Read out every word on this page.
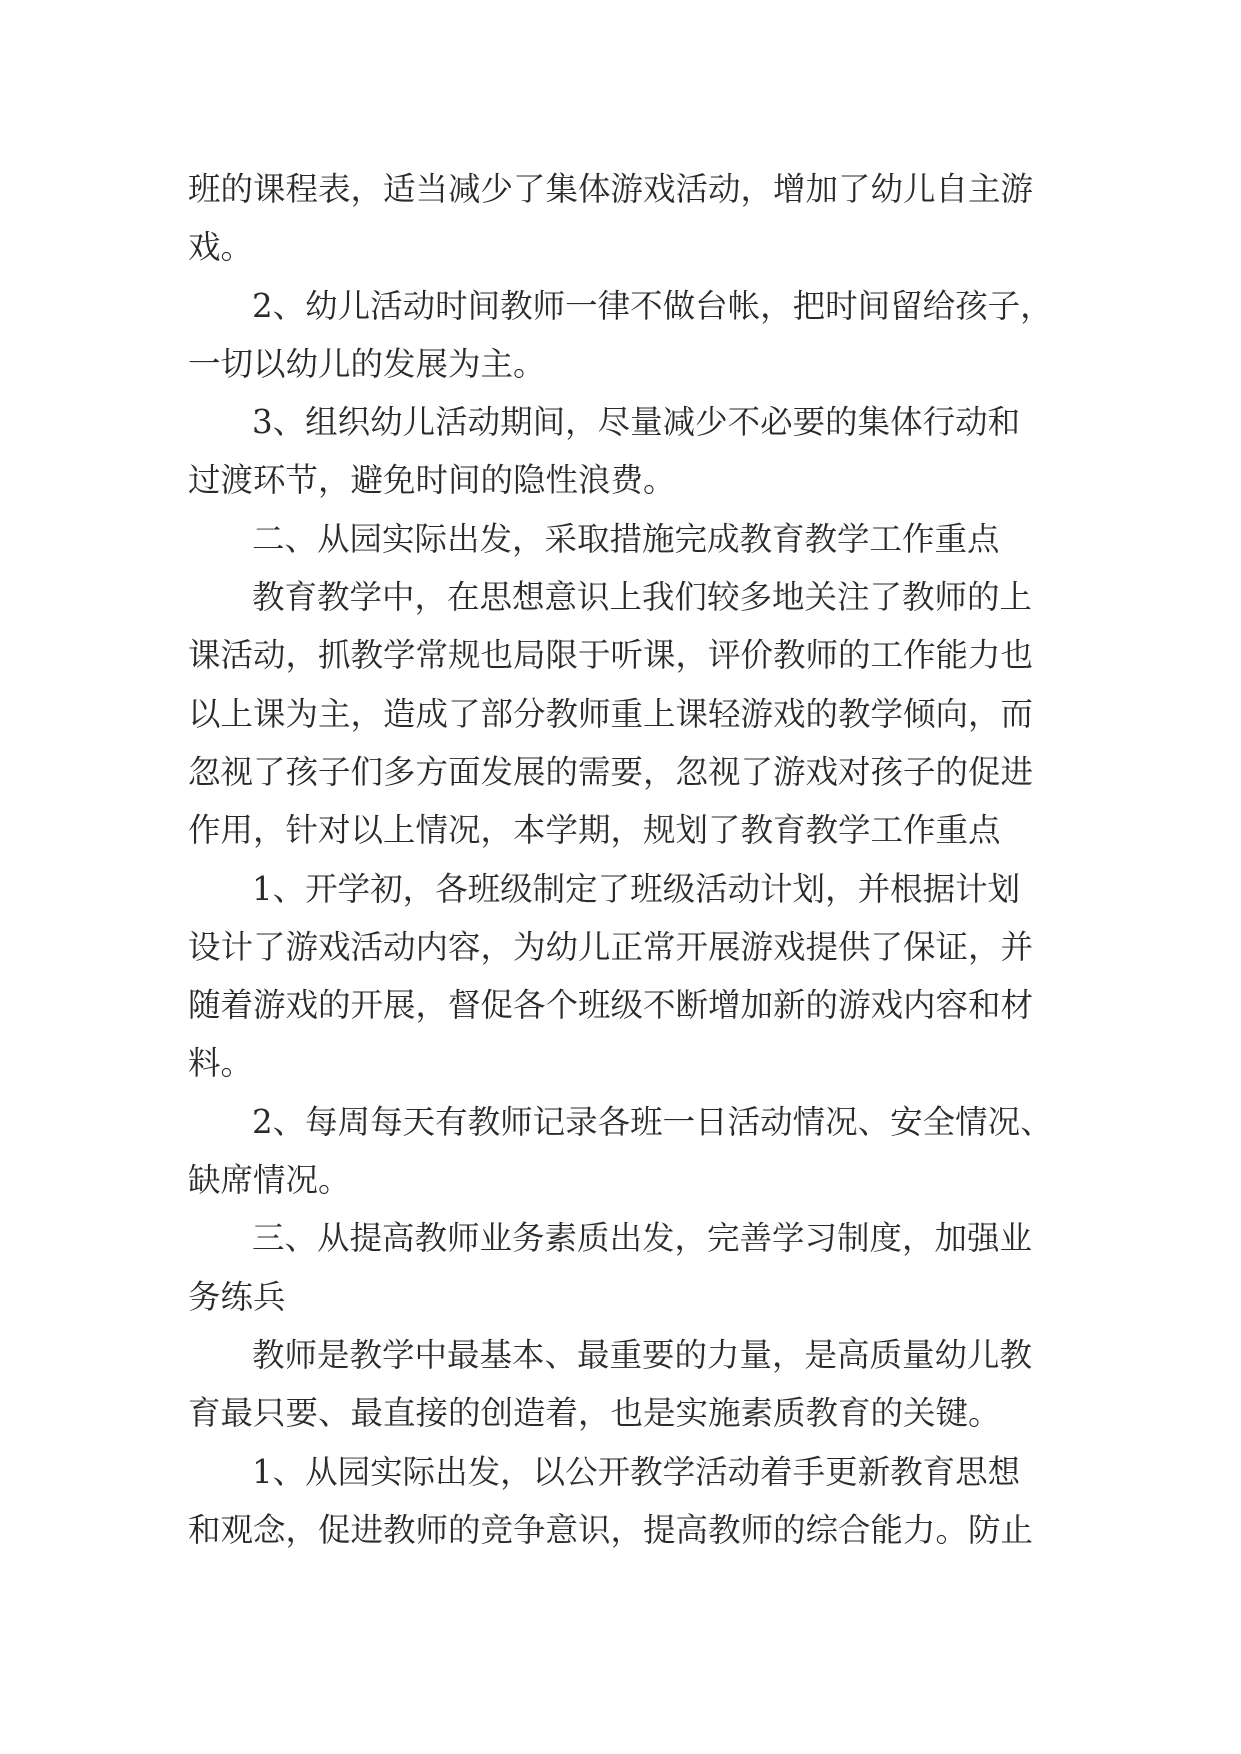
班的课程表，适当减少了集体游戏活动，增加了幼儿自主游
戏。
2、幼儿活动时间教师一律不做台帐，把时间留给孩子，
一切以幼儿的发展为主。
3、组织幼儿活动期间，尽量减少不必要的集体行动和
过渡环节，避免时间的隐性浪费。
二、从园实际出发，采取措施完成教育教学工作重点
教育教学中，在思想意识上我们较多地关注了教师的上
课活动，抓教学常规也局限于听课，评价教师的工作能力也
以上课为主，造成了部分教师重上课轻游戏的教学倾向，而
忽视了孩子们多方面发展的需要，忽视了游戏对孩子的促进
作用，针对以上情况，本学期，规划了教育教学工作重点
1、开学初，各班级制定了班级活动计划，并根据计划
设计了游戏活动内容，为幼儿正常开展游戏提供了保证，并
随着游戏的开展，督促各个班级不断增加新的游戏内容和材
料。
2、每周每天有教师记录各班一日活动情况、安全情况、
缺席情况。
三、从提高教师业务素质出发，完善学习制度，加强业
务练兵
教师是教学中最基本、最重要的力量，是高质量幼儿教
育最只要、最直接的创造着，也是实施素质教育的关键。
1、从园实际出发，以公开教学活动着手更新教育思想
和观念，促进教师的竞争意识，提高教师的综合能力。防止
